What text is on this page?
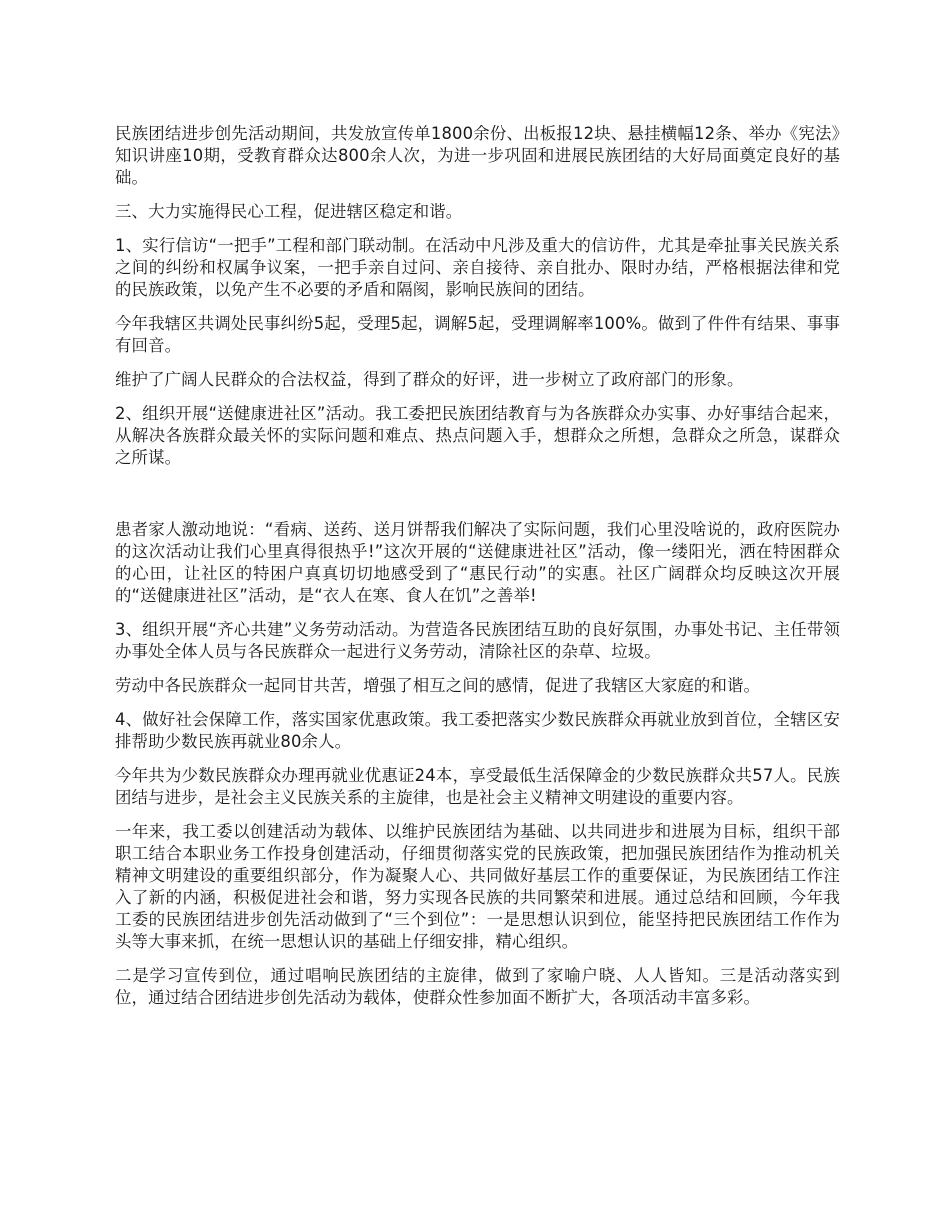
民族团结进步创先活动期间，共发放宣传单1800余份、出板报12块、悬挂横幅12条、举办《宪法》知识讲座10期，受教育群众达800余人次，为进一步巩固和进展民族团结的大好局面奠定良好的基础。

三、大力实施得民心工程，促进辖区稳定和谐。

1、实行信访“一把手”工程和部门联动制。在活动中凡涉及重大的信访件，尤其是牵扯事关民族关系之间的纠纷和权属争议案，一把手亲自过问、亲自接待、亲自批办、限时办结，严格根据法律和党的民族政策，以免产生不必要的矛盾和隔阂，影响民族间的团结。

今年我辖区共调处民事纠纷5起，受理5起，调解5起，受理调解率100%。做到了件件有结果、事事有回音。

维护了广阔人民群众的合法权益，得到了群众的好评，进一步树立了政府部门的形象。

2、组织开展“送健康进社区”活动。我工委把民族团结教育与为各族群众办实事、办好事结合起来，从解决各族群众最关怀的实际问题和难点、热点问题入手，想群众之所想，急群众之所急，谋群众之所谋。

患者家人激动地说：“看病、送药、送月饼帮我们解决了实际问题，我们心里没啥说的，政府医院办的这次活动让我们心里真得很热乎!”这次开展的“送健康进社区”活动，像一缕阳光，洒在特困群众的心田，让社区的特困户真真切切地感受到了“惠民行动”的实惠。社区广阔群众均反映这次开展的“送健康进社区”活动，是“衣人在寒、食人在饥”之善举!

3、组织开展“齐心共建”义务劳动活动。为营造各民族团结互助的良好氛围，办事处书记、主任带领办事处全体人员与各民族群众一起进行义务劳动，清除社区的杂草、垃圾。

劳动中各民族群众一起同甘共苦，增强了相互之间的感情，促进了我辖区大家庭的和谐。

4、做好社会保障工作，落实国家优惠政策。我工委把落实少数民族群众再就业放到首位，全辖区安排帮助少数民族再就业80余人。

今年共为少数民族群众办理再就业优惠证24本，享受最低生活保障金的少数民族群众共57人。民族团结与进步，是社会主义民族关系的主旋律，也是社会主义精神文明建设的重要内容。

一年来，我工委以创建活动为载体、以维护民族团结为基础、以共同进步和进展为目标，组织干部职工结合本职业务工作投身创建活动，仔细贯彻落实党的民族政策，把加强民族团结作为推动机关精神文明建设的重要组织部分，作为凝聚人心、共同做好基层工作的重要保证，为民族团结工作注入了新的内涵，积极促进社会和谐，努力实现各民族的共同繁荣和进展。通过总结和回顾，今年我工委的民族团结进步创先活动做到了“三个到位”：一是思想认识到位，能坚持把民族团结工作作为头等大事来抓，在统一思想认识的基础上仔细安排，精心组织。

二是学习宣传到位，通过唱响民族团结的主旋律，做到了家喻户晓、人人皆知。三是活动落实到位，通过结合团结进步创先活动为载体，使群众性参加面不断扩大，各项活动丰富多彩。
